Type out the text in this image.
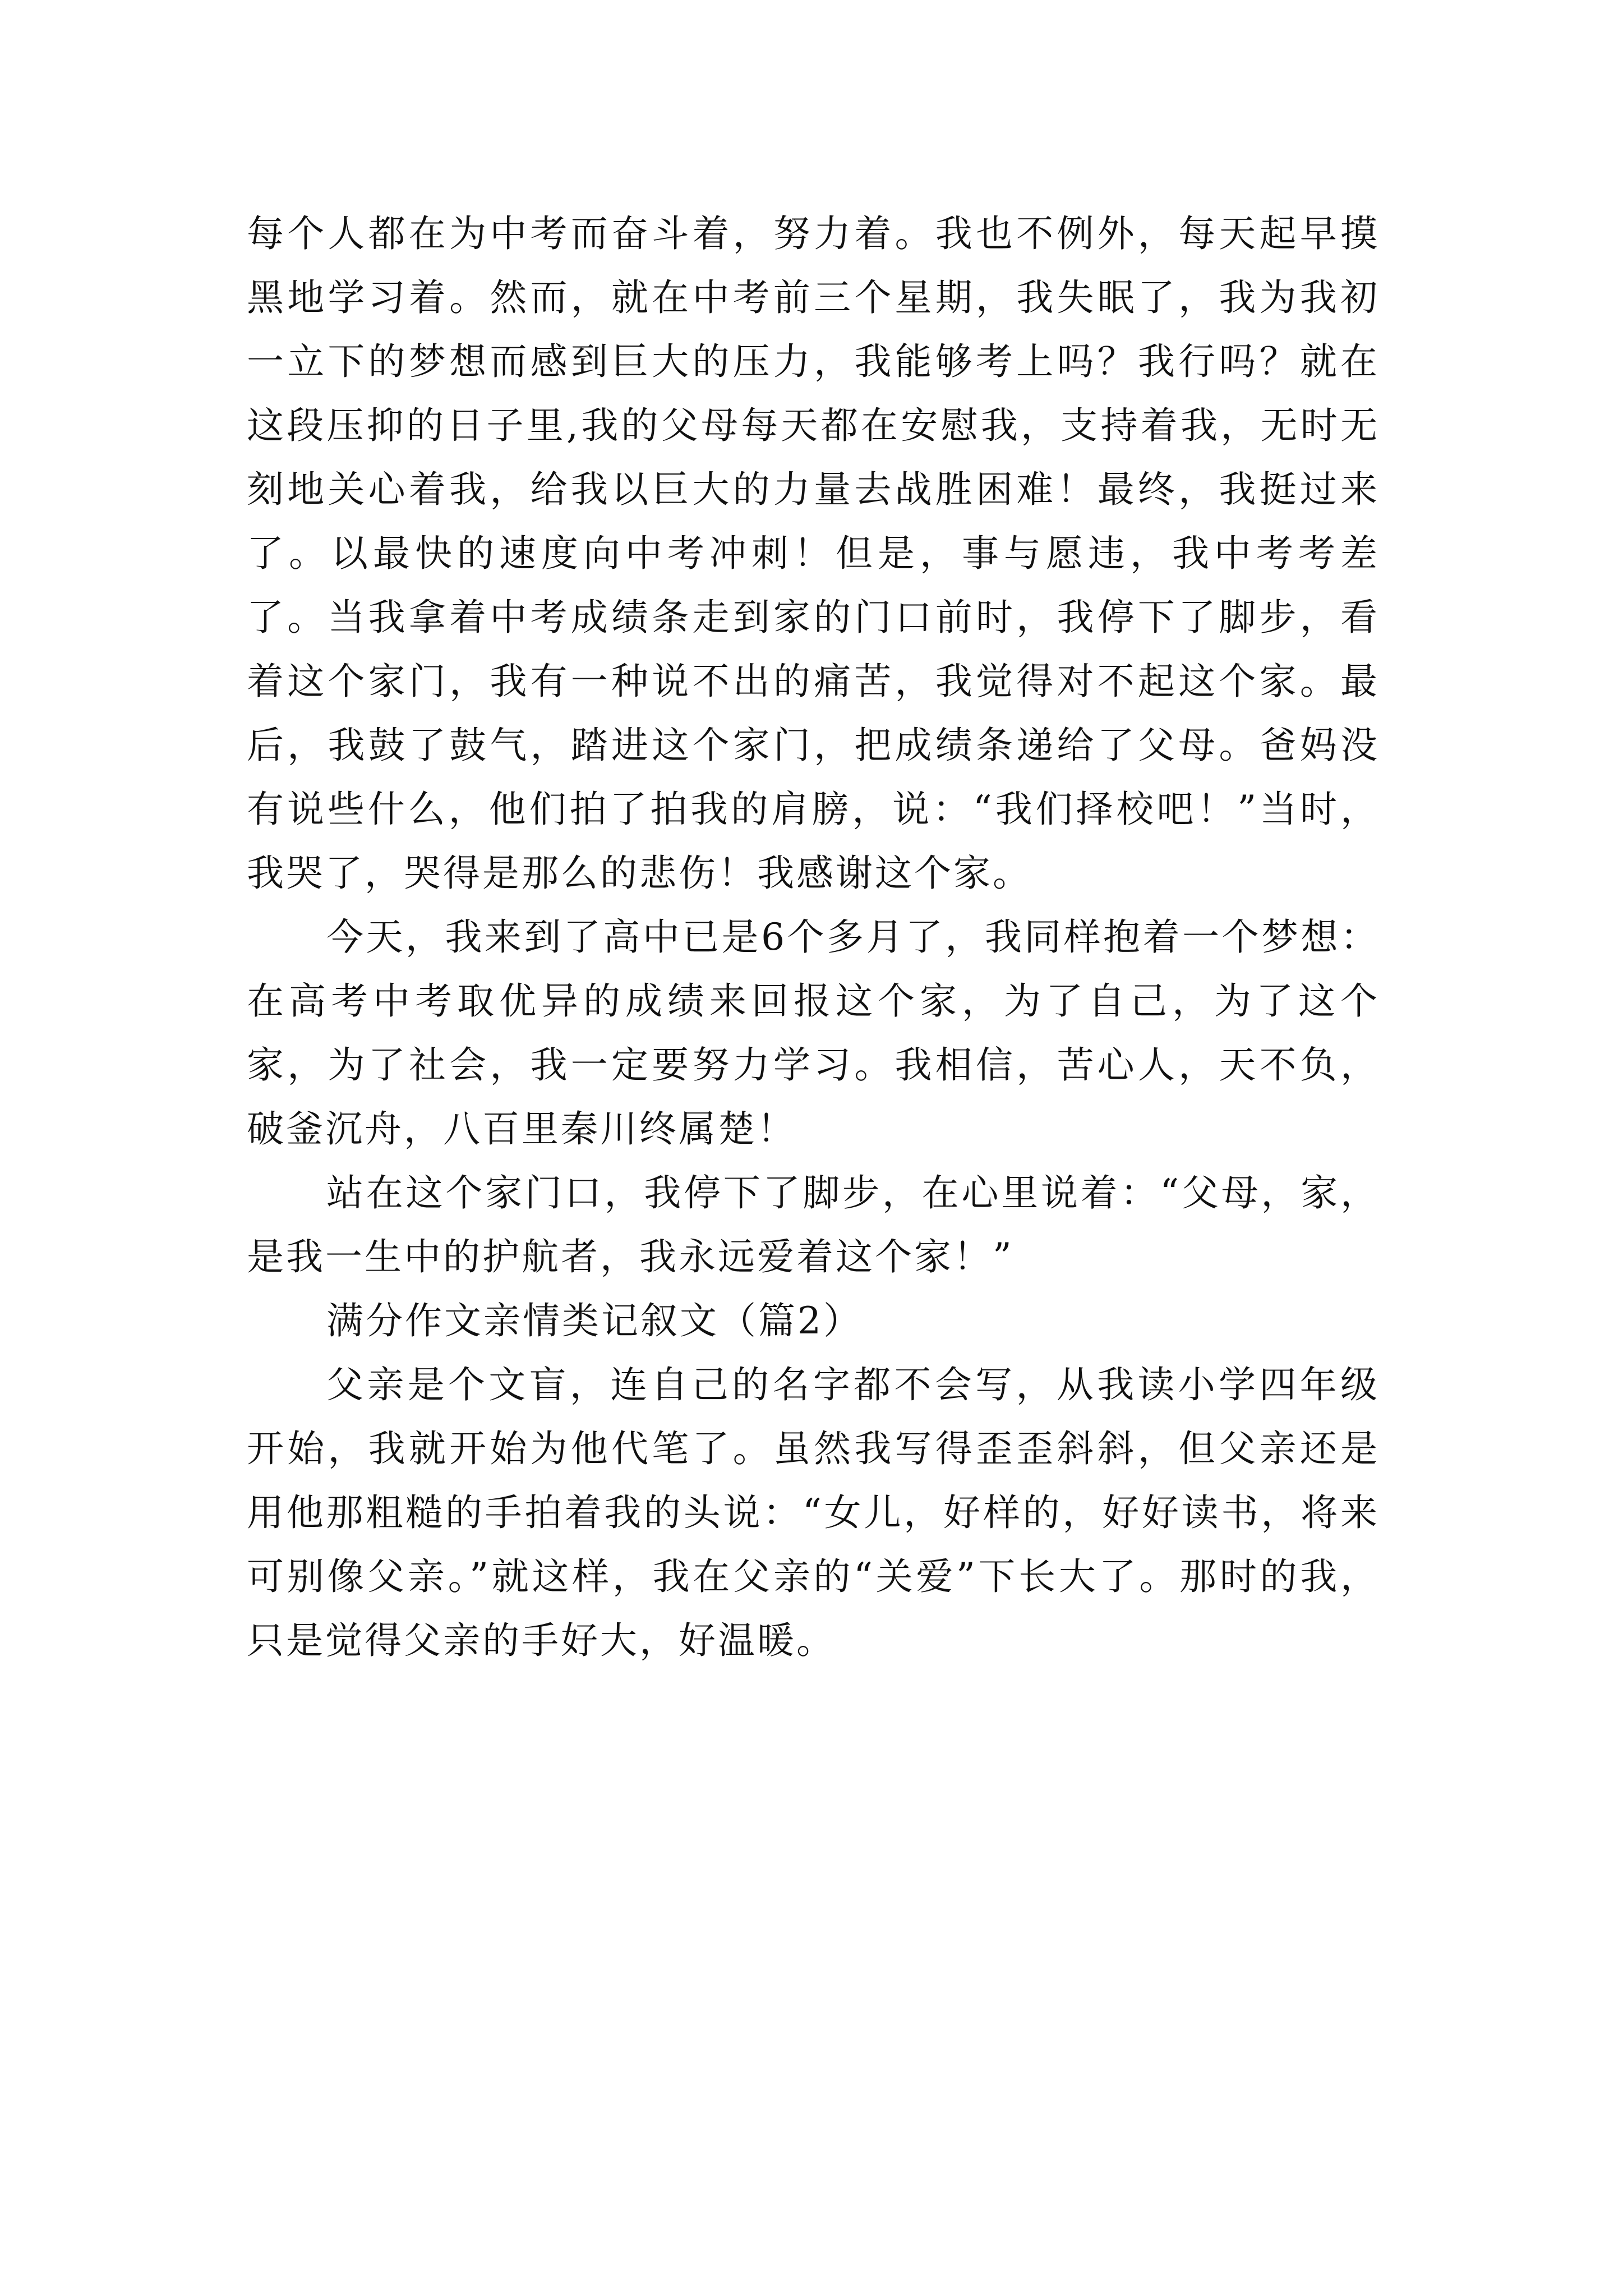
每个人都在为中考而奋斗着，努力着。我也不例外，每天起早摸黑地学习着。然而，就在中考前三个星期，我失眠了，我为我初一立下的梦想而感到巨大的压力，我能够考上吗？我行吗？就在这段压抑的日子里,我的父母每天都在安慰我，支持着我，无时无刻地关心着我，给我以巨大的力量去战胜困难！最终，我挺过来了。以最快的速度向中考冲刺！但是，事与愿违，我中考考差了。当我拿着中考成绩条走到家的门口前时，我停下了脚步，看着这个家门，我有一种说不出的痛苦，我觉得对不起这个家。最后，我鼓了鼓气，踏进这个家门，把成绩条递给了父母。爸妈没有说些什么，他们拍了拍我的肩膀，说：“我们择校吧！”当时，我哭了，哭得是那么的悲伤！我感谢这个家。

今天，我来到了高中已是6个多月了，我同样抱着一个梦想：在高考中考取优异的成绩来回报这个家，为了自己，为了这个家，为了社会，我一定要努力学习。我相信，苦心人，天不负，破釜沉舟，八百里秦川终属楚！

站在这个家门口，我停下了脚步，在心里说着：“父母，家，是我一生中的护航者，我永远爱着这个家！”

满分作文亲情类记叙文（篇2）

父亲是个文盲，连自己的名字都不会写，从我读小学四年级开始，我就开始为他代笔了。虽然我写得歪歪斜斜，但父亲还是用他那粗糙的手拍着我的头说：“女儿，好样的，好好读书，将来可别像父亲。”就这样，我在父亲的“关爱”下长大了。那时的我，只是觉得父亲的手好大，好温暖。
